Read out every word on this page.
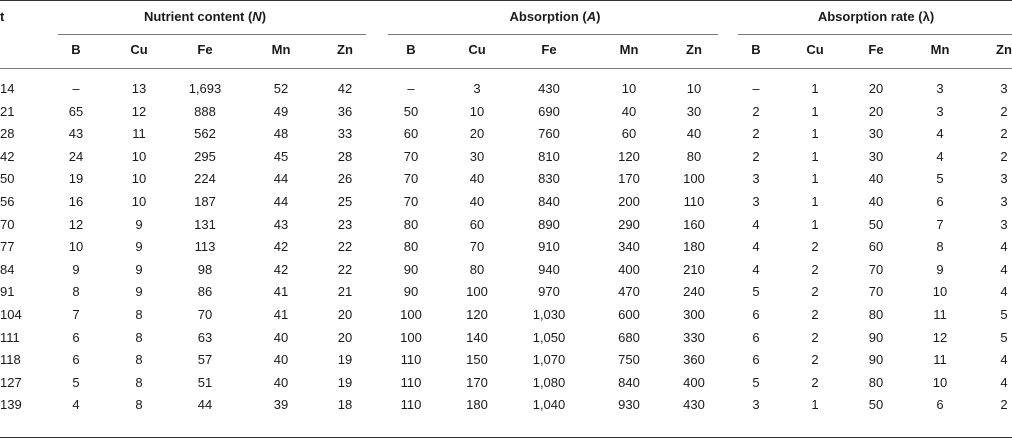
t	Nutrient content (N)	Absorption (A)	Absorption rate (λ)
B	Cu	Fe	Mn	Zn	B	Cu	Fe	Mn	Zn	B	Cu	Fe	Mn	Zn
14	–	13	1,693	52	42	–	3	430	10	10	–	1	20	3	3
21	65	12	888	49	36	50	10	690	40	30	2	1	20	3	2
28	43	11	562	48	33	60	20	760	60	40	2	1	30	4	2
42	24	10	295	45	28	70	30	810	120	80	2	1	30	4	2
50	19	10	224	44	26	70	40	830	170	100	3	1	40	5	3
56	16	10	187	44	25	70	40	840	200	110	3	1	40	6	3
70	12	9	131	43	23	80	60	890	290	160	4	1	50	7	3
77	10	9	113	42	22	80	70	910	340	180	4	2	60	8	4
84	9	9	98	42	22	90	80	940	400	210	4	2	70	9	4
91	8	9	86	41	21	90	100	970	470	240	5	2	70	10	4
104	7	8	70	41	20	100	120	1,030	600	300	6	2	80	11	5
111	6	8	63	40	20	100	140	1,050	680	330	6	2	90	12	5
118	6	8	57	40	19	110	150	1,070	750	360	6	2	90	11	4
127	5	8	51	40	19	110	170	1,080	840	400	5	2	80	10	4
139	4	8	44	39	18	110	180	1,040	930	430	3	1	50	6	2
